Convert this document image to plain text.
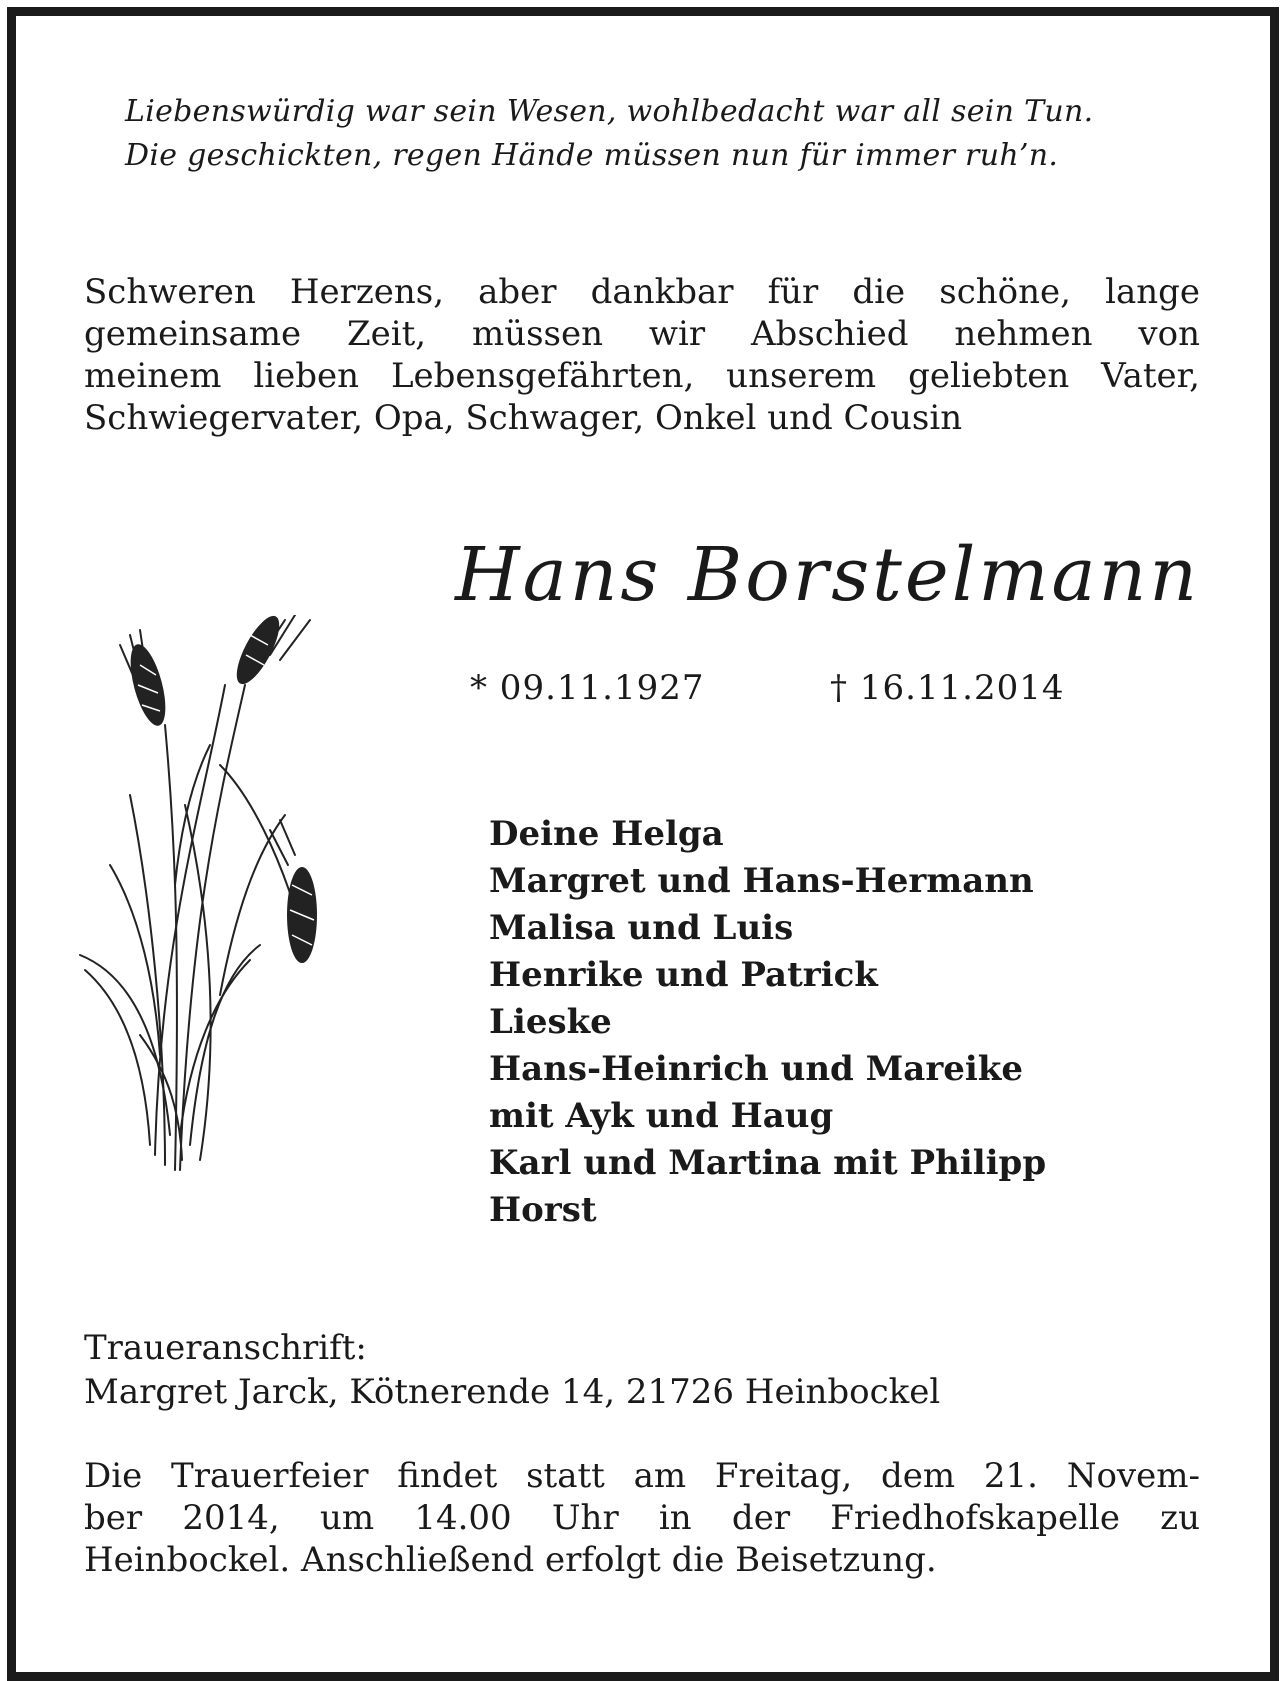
Liebenswürdig war sein Wesen, wohlbedacht war all sein Tun.
Die geschickten, regen Hände müssen nun für immer ruh’n.
Schweren Herzens, aber dankbar für die schöne, lange
gemeinsame Zeit, müssen wir Abschied nehmen von
meinem lieben Lebensgefährten, unserem geliebten Vater,
Schwiegervater, Opa, Schwager, Onkel und Cousin
Hans Borstelmann
* 09.11.1927	† 16.11.2014
Deine Helga
Margret und Hans-Hermann
Malisa und Luis
Henrike und Patrick
Lieske
Hans-Heinrich und Mareike
mit Ayk und Haug
Karl und Martina mit Philipp
Horst
Traueranschrift:
Margret Jarck, Kötnerende 14, 21726 Heinbockel
Die Trauerfeier findet statt am Freitag, dem 21. Novem-
ber 2014, um 14.00 Uhr in der Friedhofskapelle zu
Heinbockel. Anschließend erfolgt die Beisetzung.
